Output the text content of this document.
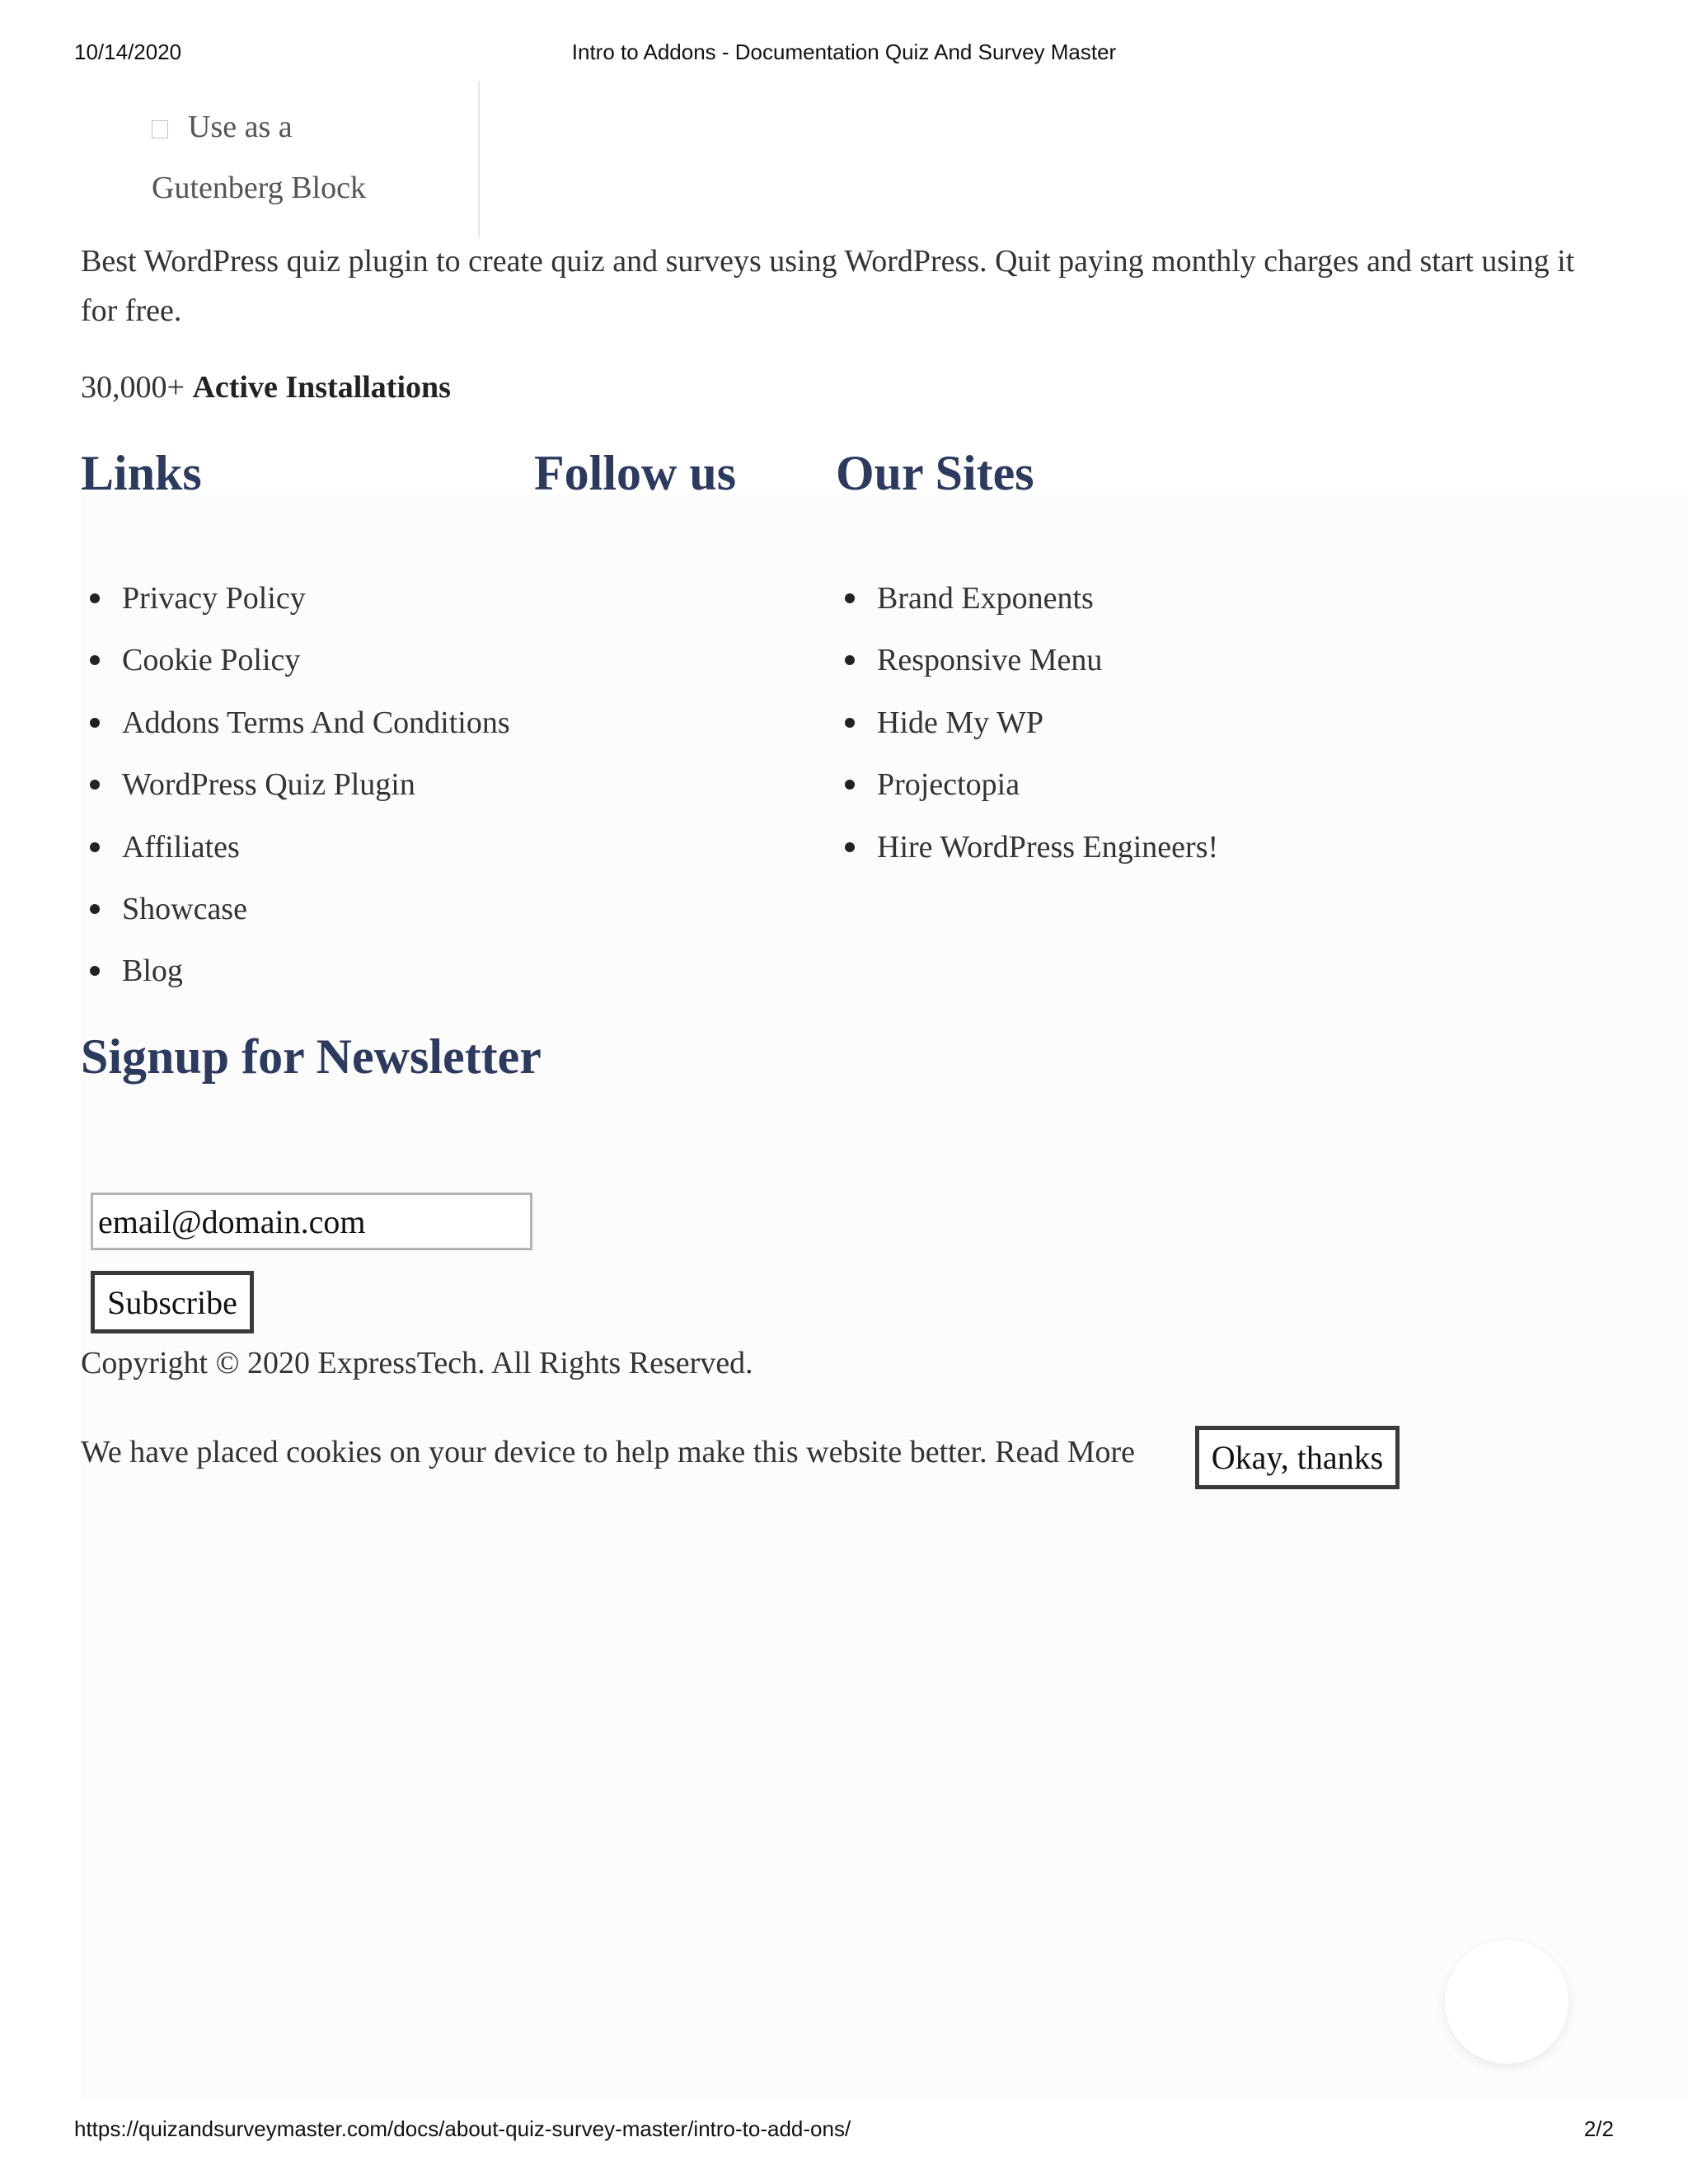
10/14/2020	Intro to Addons - Documentation Quiz And Survey Master
Use as a
Gutenberg Block

Best WordPress quiz plugin to create quiz and surveys using WordPress. Quit paying monthly charges and start using it for free.

30,000+ Active Installations
Links	Follow us Our Sites
Privacy Policy
Cookie Policy
Addons Terms And Conditions
WordPress Quiz Plugin
Affiliates
Showcase
Blog
Brand Exponents
Responsive Menu
Hide My WP
Projectopia
Hire WordPress Engineers!
Signup for Newsletter
email@domain.com
Subscribe
Copyright © 2020 ExpressTech. All Rights Reserved.
We have placed cookies on your device to help make this website better. Read More	Okay, thanks
https://quizandsurveymaster.com/docs/about-quiz-survey-master/intro-to-add-ons/	2/2
